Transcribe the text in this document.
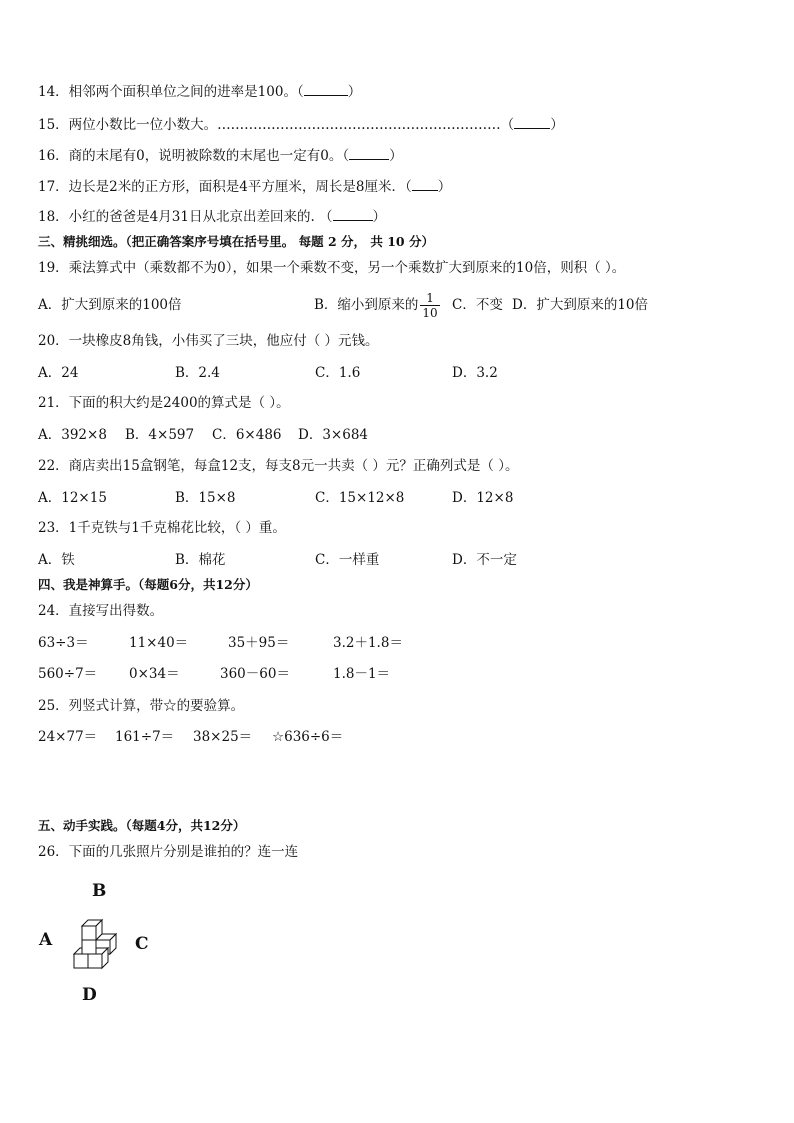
14．相邻两个面积单位之间的进率是100。（	）
15．两位小数比一位小数大。………………………………………………………（	）
16．商的末尾有0，说明被除数的末尾也一定有0。（	）
17．边长是2米的正方形，面积是4平方厘米，周长是8厘米．（ ）
18．小红的爸爸是4月31日从北京出差回来的. （	）
三、精挑细选。（把正确答案序号填在括号里。 每题 2 分， 共 10 分）
19．乘法算式中（乘数都不为0），如果一个乘数不变，另一个乘数扩大到原来的10倍，则积（ ）。
A．扩大到原来的100倍	B．缩小到原来的 $\frac{1}{10}$ C．不变 D．扩大到原来的10倍
20．一块橡皮8角钱，小伟买了三块，他应付（ ）元钱。
A．24	B．2.4	C．1.6	D．3.2
21．下面的积大约是2400的算式是（ ）。
A．392×8 B．4×597 C．6×486 D．3×684
22．商店卖出15盒钢笔，每盒12支，每支8元一共卖（ ）元？正确列式是（ ）。
A．12×15	B．15×8	C．15×12×8	D．12×8
23．1千克铁与1千克棉花比较，（ ）重。
A．铁	B．棉花	C．一样重	D．不一定
四、我是神算手。（每题6分，共12分）
24．直接写出得数。
63÷3＝	11×40＝	35＋95＝	3.2＋1.8＝
560÷7＝ 0×34＝	360－60＝	1.8－1＝
25．列竖式计算，带☆的要验算。
24×77＝ 161÷7＝ 38×25＝ ☆636÷6＝
五、动手实践。（每题4分，共12分）
26．下面的几张照片分别是谁拍的？连一连
B
A	C
D
